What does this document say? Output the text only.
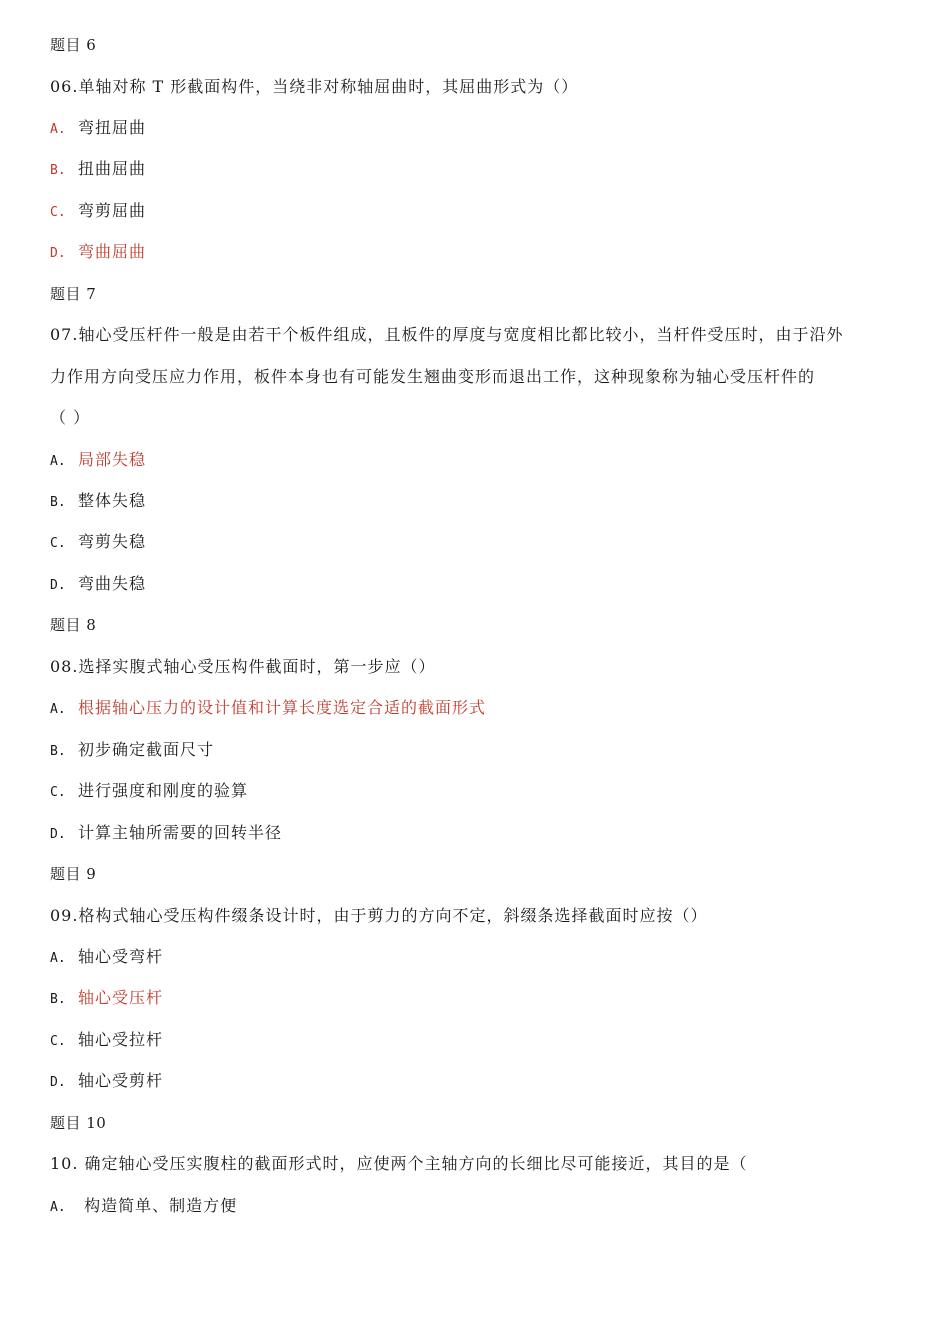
题目 6
06.单轴对称 T 形截面构件，当绕非对称轴屈曲时，其屈曲形式为（）
A. 弯扭屈曲
B. 扭曲屈曲
C. 弯剪屈曲
D. 弯曲屈曲
题目 7
07.轴心受压杆件一般是由若干个板件组成，且板件的厚度与宽度相比都比较小，当杆件受压时，由于沿外
力作用方向受压应力作用，板件本身也有可能发生翘曲变形而退出工作，这种现象称为轴心受压杆件的
（ ）
A. 局部失稳
B. 整体失稳
C. 弯剪失稳
D. 弯曲失稳
题目 8
08.选择实腹式轴心受压构件截面时，第一步应（）
A. 根据轴心压力的设计值和计算长度选定合适的截面形式
B. 初步确定截面尺寸
C. 进行强度和刚度的验算
D. 计算主轴所需要的回转半径
题目 9
09.格构式轴心受压构件缀条设计时，由于剪力的方向不定，斜缀条选择截面时应按（）
A. 轴心受弯杆
B. 轴心受压杆
C. 轴心受拉杆
D. 轴心受剪杆
题目 10
10. 确定轴心受压实腹柱的截面形式时，应使两个主轴方向的长细比尽可能接近，其目的是（
A. 构造简单、制造方便
